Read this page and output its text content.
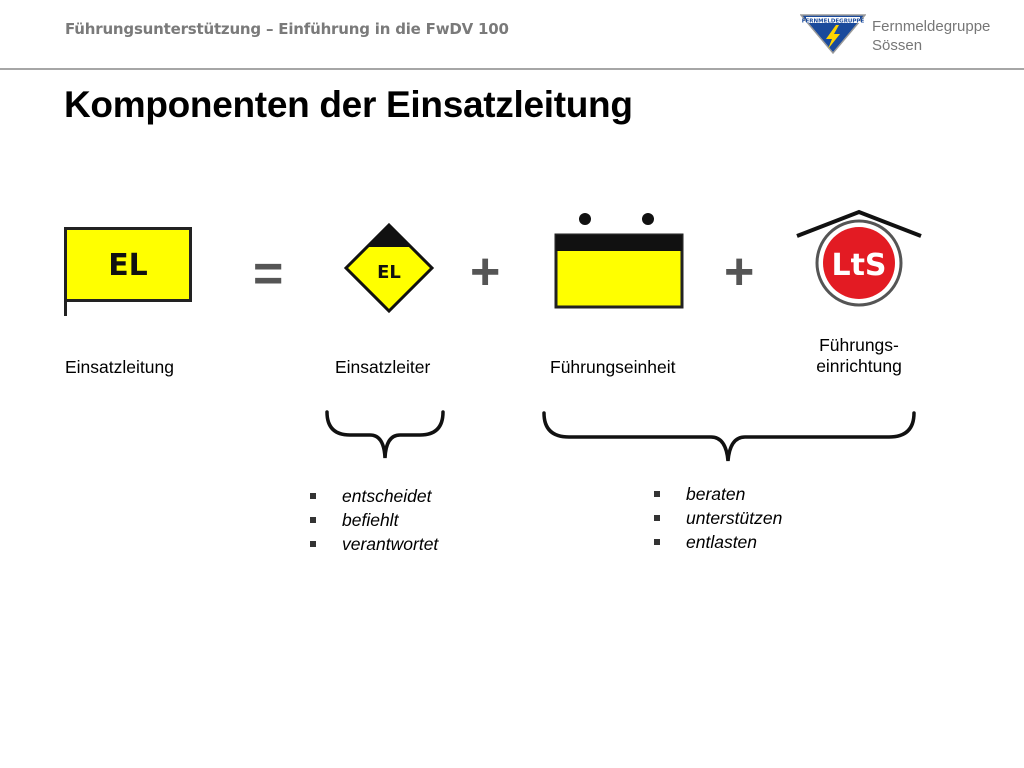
Führungsunterstützung – Einführung in die FwDV 100	FERNMELDEGRUPPE Fernmeldegruppe
Sössen
Komponenten der Einsatzleitung
EL =	EL +	+	LtS
Einsatzleitung	Einsatzleiter	Führungseinheit
Führungs-
einrichtung
entscheidet
befiehlt
verantwortet
beraten
unterstützen
entlasten
